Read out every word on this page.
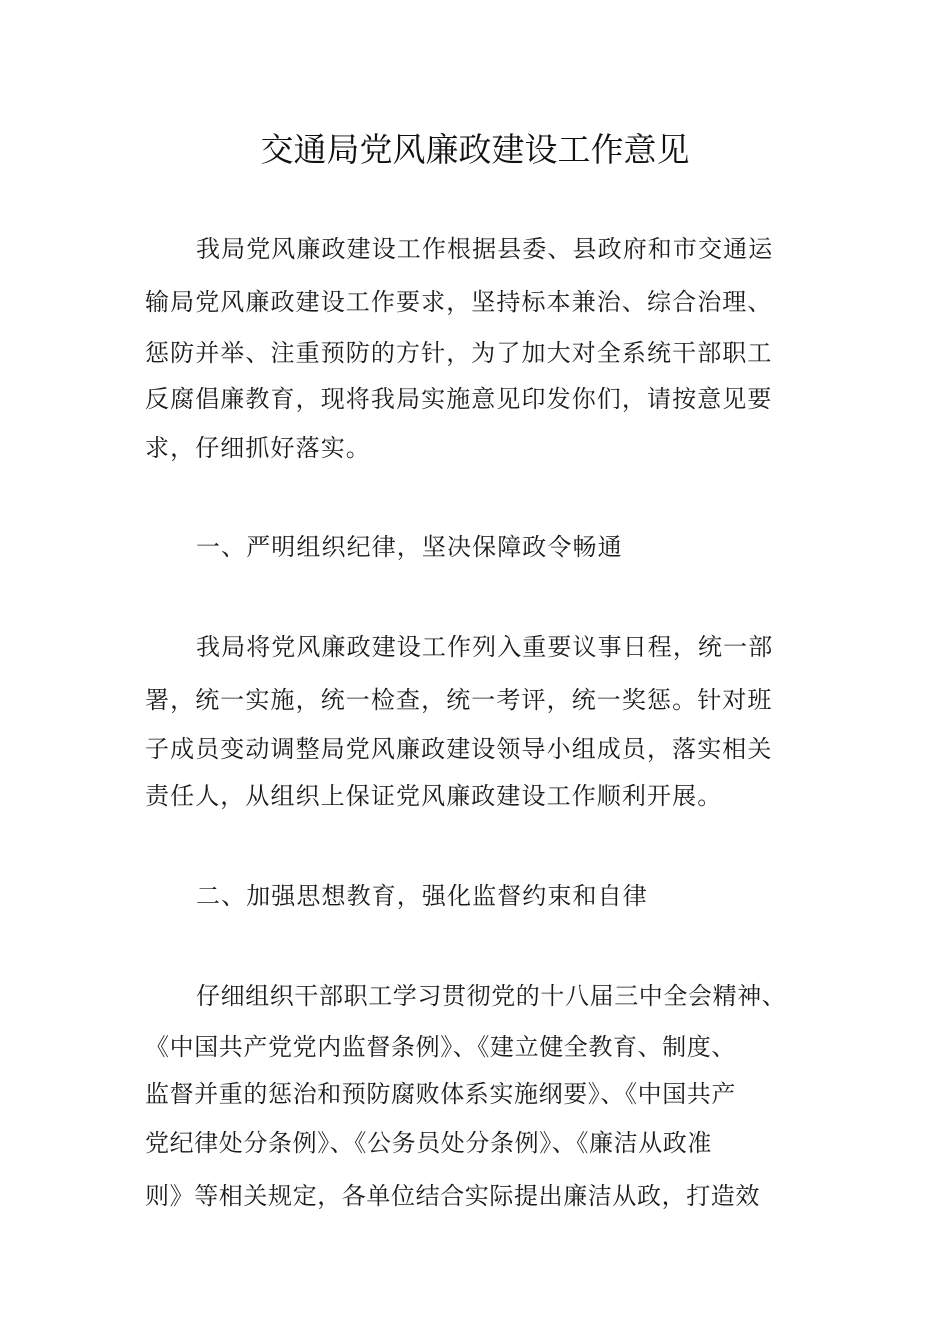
交通局党风廉政建设工作意见
我局党风廉政建设工作根据县委、县政府和市交通运
输局党风廉政建设工作要求，坚持标本兼治、综合治理、
惩防并举、注重预防的方针，为了加大对全系统干部职工
反腐倡廉教育，现将我局实施意见印发你们，请按意见要
求，仔细抓好落实。
一、严明组织纪律，坚决保障政令畅通
我局将党风廉政建设工作列入重要议事日程，统一部
署，统一实施，统一检查，统一考评，统一奖惩。针对班
子成员变动调整局党风廉政建设领导小组成员，落实相关
责任人，从组织上保证党风廉政建设工作顺利开展。
二、加强思想教育，强化监督约束和自律
仔细组织干部职工学习贯彻党的十八届三中全会精神、
《中国共产党党内监督条例》、《建立健全教育、制度、
监督并重的惩治和预防腐败体系实施纲要》、《中国共产
党纪律处分条例》、《公务员处分条例》、《廉洁从政准
则》等相关规定，各单位结合实际提出廉洁从政，打造效
